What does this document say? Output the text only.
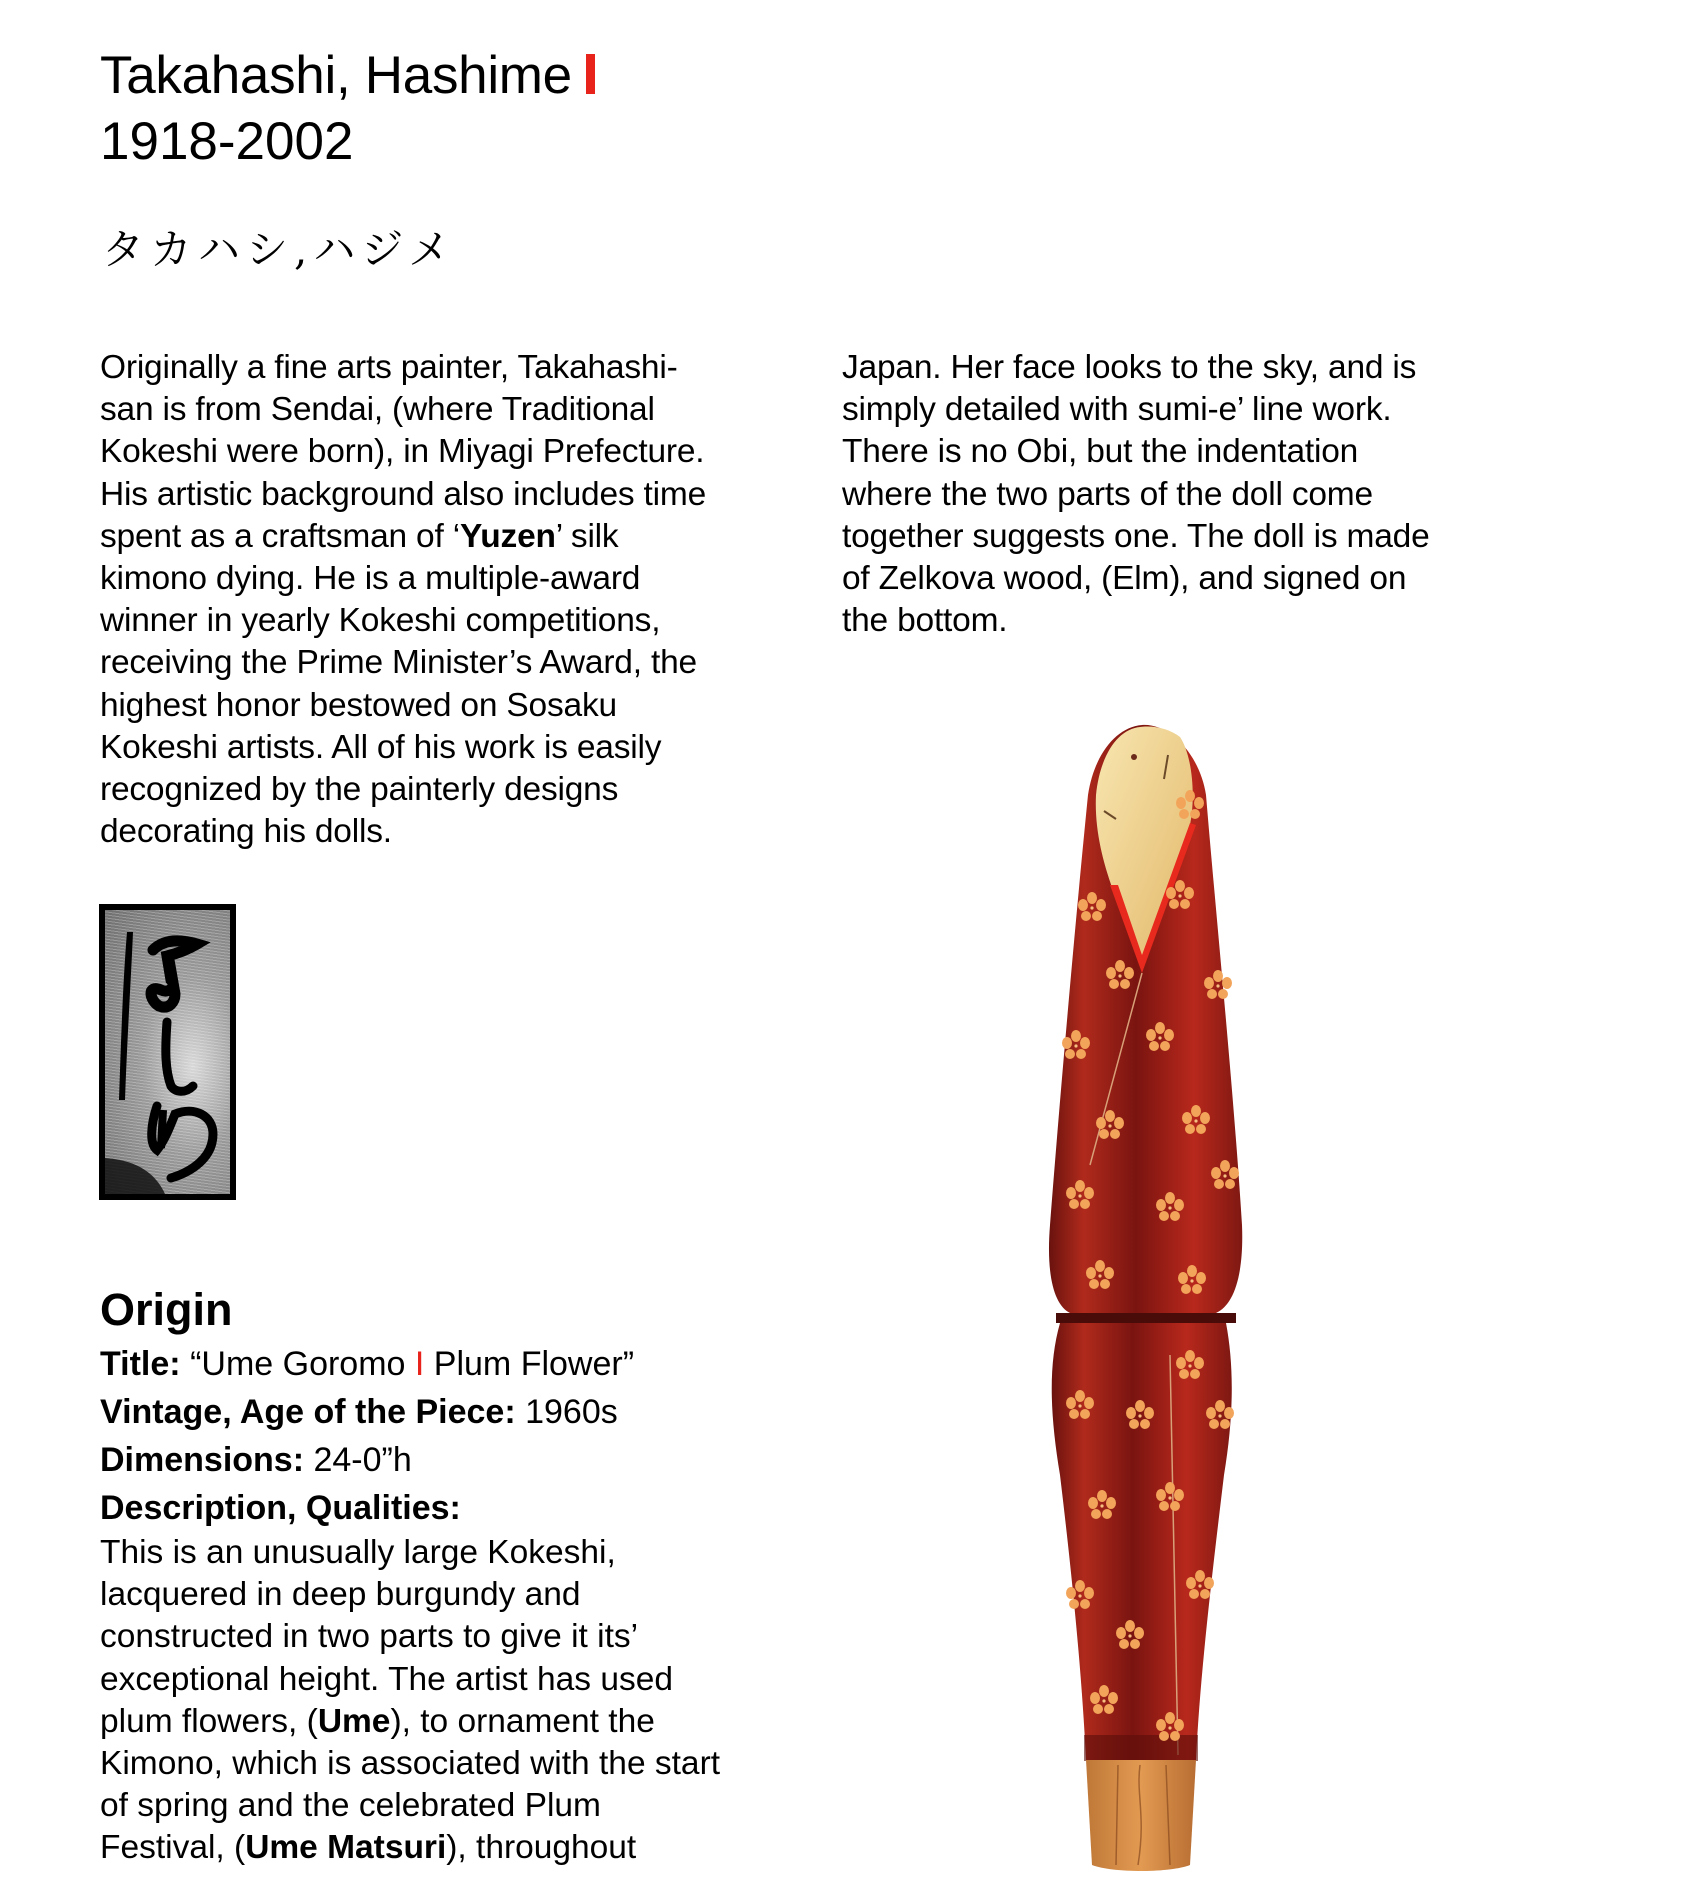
Takahashi, Hashime
1918-2002
タカハシ,ハジメ
Originally a fine arts painter, Takahashi-
san is from Sendai, (where Traditional
Kokeshi were born), in Miyagi Prefecture.
His artistic background also includes time
spent as a craftsman of ‘Yuzen’ silk
kimono dying. He is a multiple-award
winner in yearly Kokeshi competitions,
receiving the Prime Minister’s Award, the
highest honor bestowed on Sosaku
Kokeshi artists. All of his work is easily
recognized by the painterly designs
decorating his dolls.
Japan. Her face looks to the sky, and is
simply detailed with sumi-e’ line work.
There is no Obi, but the indentation
where the two parts of the doll come
together suggests one. The doll is made
of Zelkova wood, (Elm), and signed on
the bottom.
Origin
Title: “Ume Goromo I Plum Flower”
Vintage, Age of the Piece: 1960s
Dimensions: 24-0”h
Description, Qualities:
This is an unusually large Kokeshi,
lacquered in deep burgundy and
constructed in two parts to give it its’
exceptional height. The artist has used
plum flowers, (Ume), to ornament the
Kimono, which is associated with the start
of spring and the celebrated Plum
Festival, (Ume Matsuri), throughout
